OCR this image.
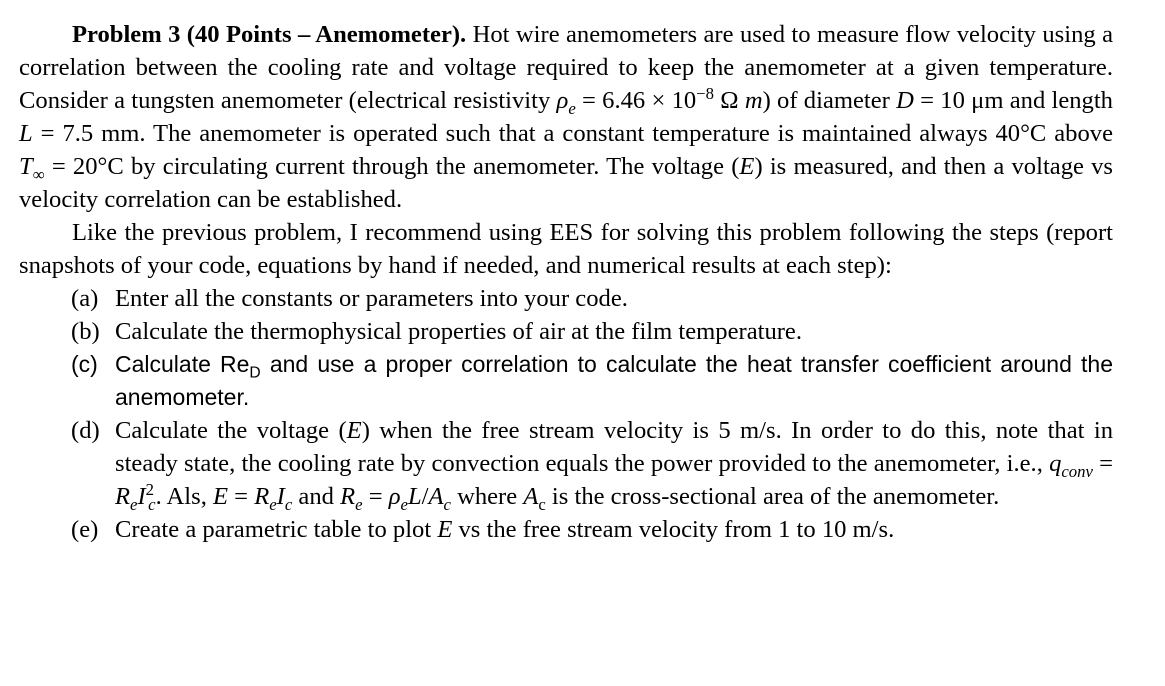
Problem 3 (40 Points – Anemometer). Hot wire anemometers are used to measure flow velocity using a correlation between the cooling rate and voltage required to keep the anemometer at a given temperature. Consider a tungsten anemometer (electrical resistivity $\rho_e = 6.46 \times 10^{-8}$ Ω m) of diameter D = 10 μm and length L = 7.5 mm. The anemometer is operated such that a constant temperature is maintained always 40°C above $T_\infty = 20^\circ C$ by circulating current through the anemometer. The voltage (E) is measured, and then a voltage vs velocity correlation can be established.

Like the previous problem, I recommend using EES for solving this problem following the steps (report snapshots of your code, equations by hand if needed, and numerical results at each step):

(a) Enter all the constants or parameters into your code.
(b) Calculate the thermophysical properties of air at the film temperature.
(c) Calculate $Re_D$ and use a proper correlation to calculate the heat transfer coefficient around the anemometer.
(d) Calculate the voltage (E) when the free stream velocity is 5 m/s. In order to do this, note that in steady state, the cooling rate by convection equals the power provided to the anemometer, i.e., $q_{conv} = R_eI^2_c$. Als, $E = R_eI_c$ and $R_e = \rho_eL/A_c$ where $A_c$ is the cross-sectional area of the anemometer.
(e) Create a parametric table to plot E vs the free stream velocity from 1 to 10 m/s.
